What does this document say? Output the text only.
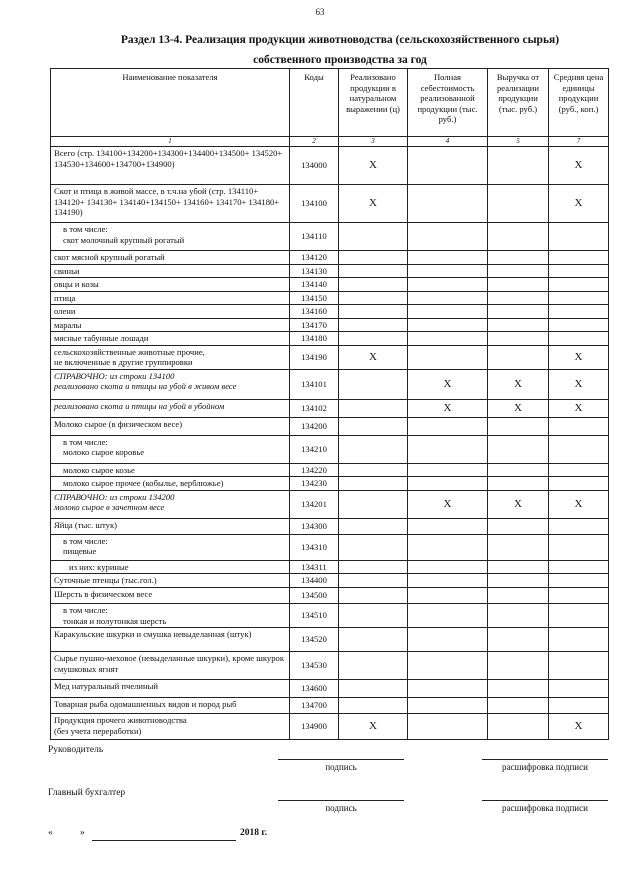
63
Раздел 13-4. Реализация продукции животноводства (сельскохозяйственного сырья)
собственного производства за год
Наименование показателя	Коды	Реализовано продукции в натуральном выражении (ц)	Полная себестоимость реализованной продукции (тыс. руб.)	Выручка от реализации продукции (тыс. руб.)	Средняя цена единицы продукции (руб., коп.)
1	2	3	4	5	7
Всего (стр. 134100+134200+134300+134400+134500+ 134520+ 134530+134600+134700+134900)	134000	X			X
Скот и птица в живой массе, в т.ч.на убой (стр. 134110+ 134120+ 134130+ 134140+134150+ 134160+ 134170+ 134180+ 134190)	134100	X			X
в том числе:
скот молочный крупный рогатый	134110				
скот мясной крупный рогатый	134120				
свиньи	134130				
овцы и козы	134140				
птица	134150				
олени	134160				
маралы	134170				
мясные табунные лошади	134180				
сельскохозяйственные животные прочие,
не включенные в другие группировки	134190	X			X
СПРАВОЧНО: из строки 134100
реализовано скота и птицы на убой в живом весе	134101		X	X	X
реализовано скота и птицы на убой в убойном	134102		X	X	X
Молоко сырое (в физическом весе)	134200				
в том числе:
молоко сырое коровье	134210				
молоко сырое козье	134220				
молоко сырое прочее (кобылье, верблюжье)	134230				
СПРАВОЧНО: из строки 134200
молоко сырое в зачетном весе	134201		X	X	X
Яйца (тыс. штук)	134300				
в том числе:
пищевые	134310				
из них: куриные	134311				
Суточные птенцы (тыс.гол.)	134400				
Шерсть в физическом весе	134500				
в том числе:
тонкая и полутонкая шерсть	134510				
Каракульские шкурки и смушка невыделанная (штук)	134520				
Сырье пушно-меховое (невыделанные шкурки), кроме шкурок смушковых ягнят	134530				
Мед натуральный пчелиный	134600				
Товарная рыба одомашненных видов и пород рыб	134700				
Продукция прочего животноводства
(без учета переработки)	134900	X			X
Руководитель
подпись	расшифровка подписи
Главный бухгалтер
подпись	расшифровка подписи
«	»	2018 г.
